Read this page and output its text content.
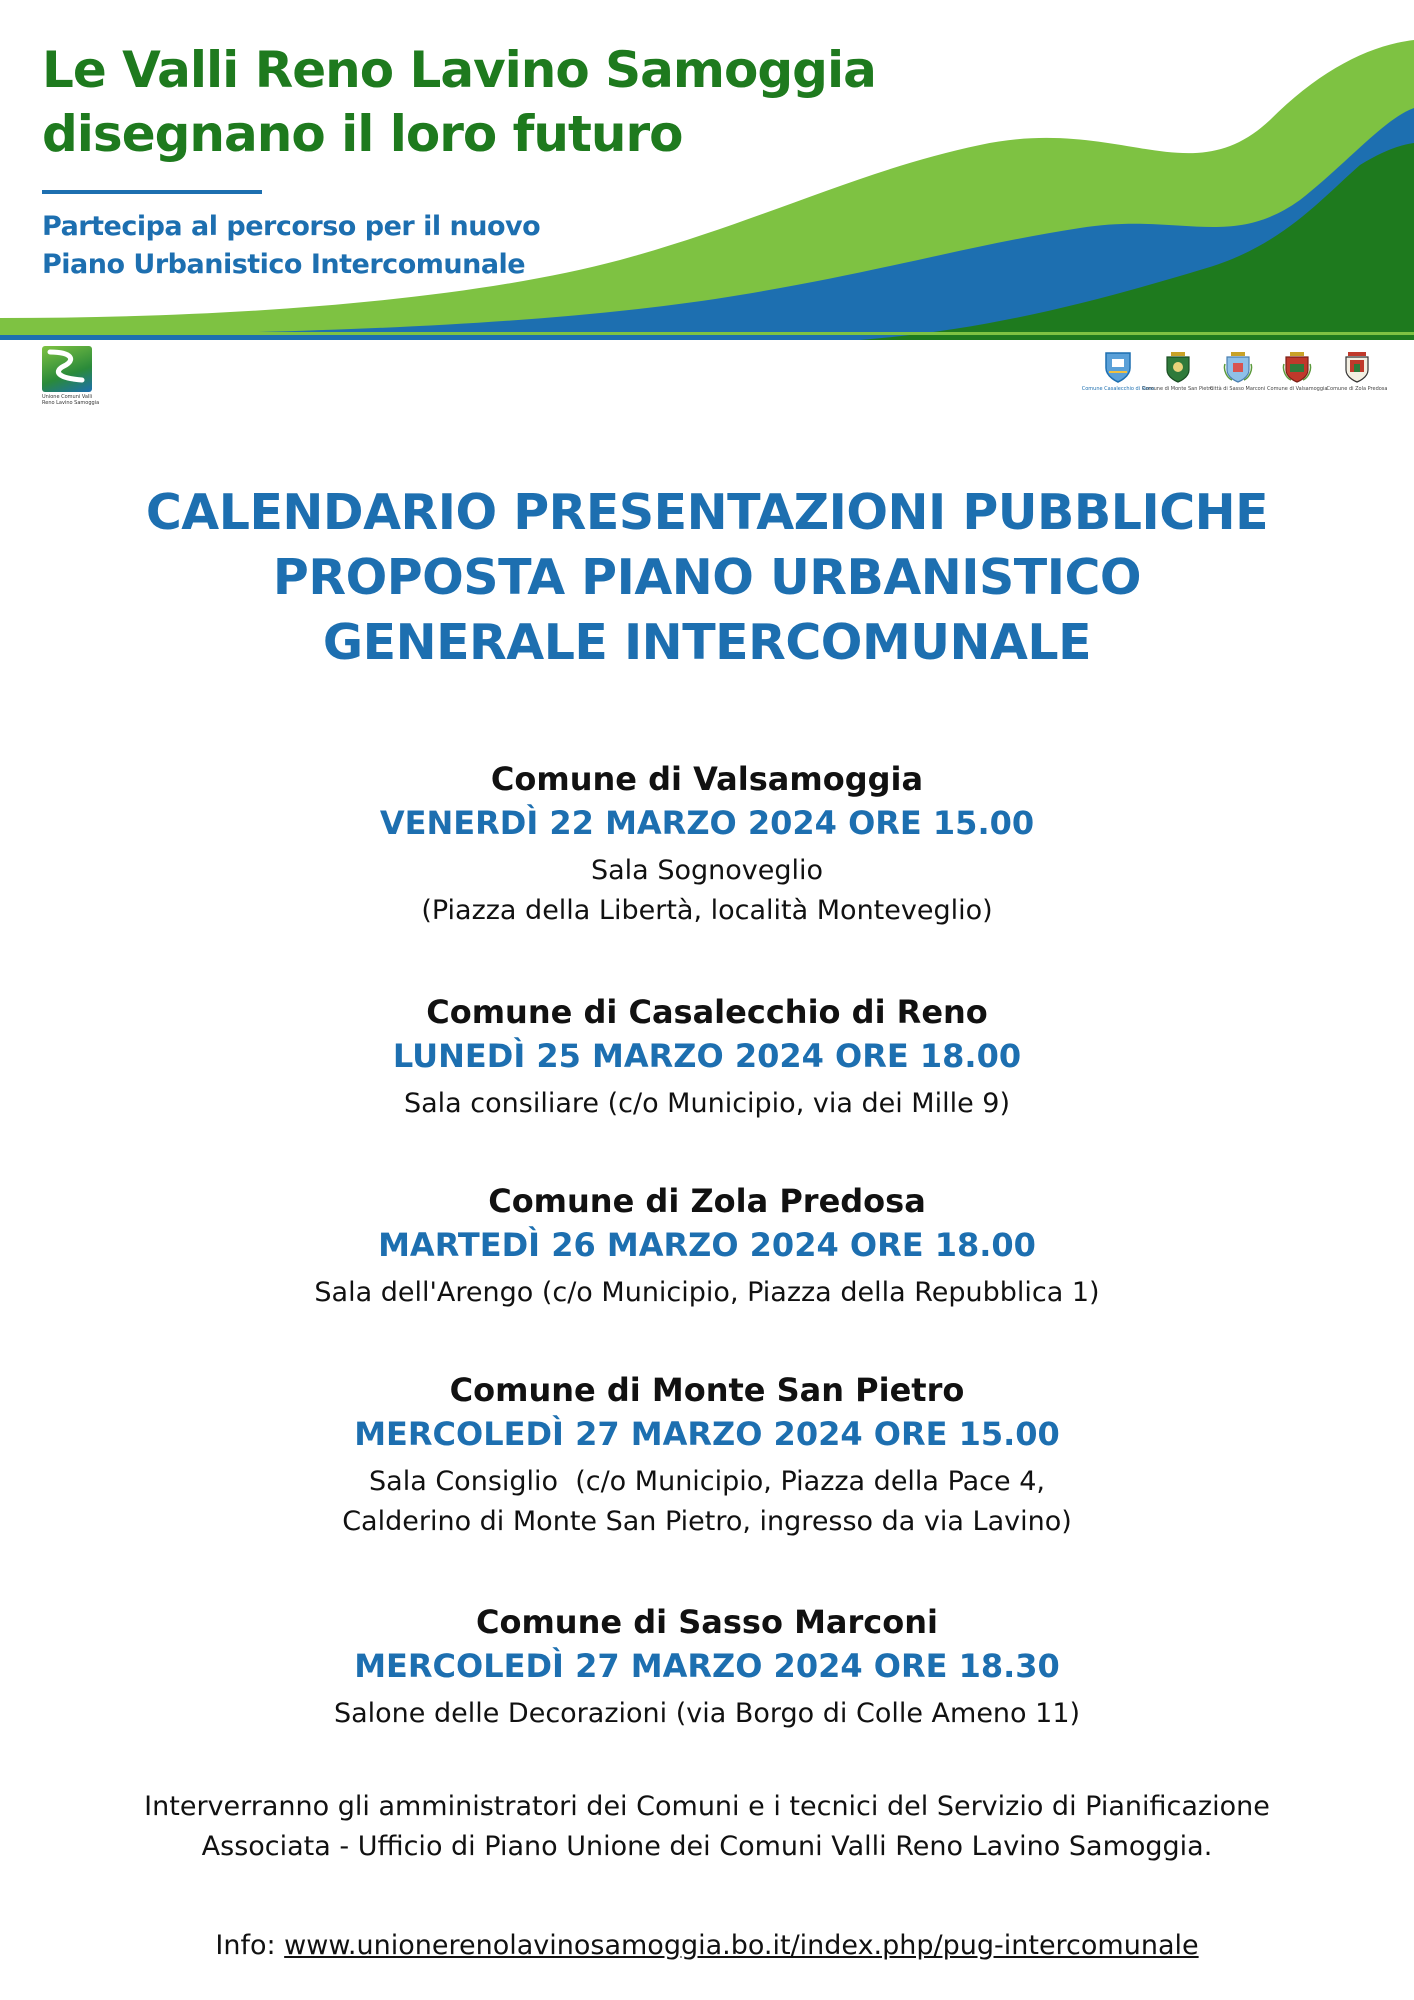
Le Valli Reno Lavino Samoggia
disegnano il loro futuro
Partecipa al percorso per il nuovo
Piano Urbanistico Intercomunale
Unione Comuni Valli
Reno Lavino Samoggia
Comune Casalecchio di Reno
Comune di Monte San Pietro
Città di Sasso Marconi Comune di Valsamoggia Comune di Zola Predosa
CALENDARIO PRESENTAZIONI PUBBLICHE
PROPOSTA PIANO URBANISTICO
GENERALE INTERCOMUNALE
Comune di Valsamoggia
VENERDÌ 22 MARZO 2024 ORE 15.00
Sala Sognoveglio
(Piazza della Libertà, località Monteveglio)
Comune di Casalecchio di Reno
LUNEDÌ 25 MARZO 2024 ORE 18.00
Sala consiliare (c/o Municipio, via dei Mille 9)
Comune di Zola Predosa
MARTEDÌ 26 MARZO 2024 ORE 18.00
Sala dell'Arengo (c/o Municipio, Piazza della Repubblica 1)
Comune di Monte San Pietro
MERCOLEDÌ 27 MARZO 2024 ORE 15.00
Sala Consiglio  (c/o Municipio, Piazza della Pace 4,
Calderino di Monte San Pietro, ingresso da via Lavino)
Comune di Sasso Marconi
MERCOLEDÌ 27 MARZO 2024 ORE 18.30
Salone delle Decorazioni (via Borgo di Colle Ameno 11)

Interverranno gli amministratori dei Comuni e i tecnici del Servizio di Pianificazione
Associata - Ufficio di Piano Unione dei Comuni Valli Reno Lavino Samoggia.

Info: www.unionerenolavinosamoggia.bo.it/index.php/pug-intercomunale
